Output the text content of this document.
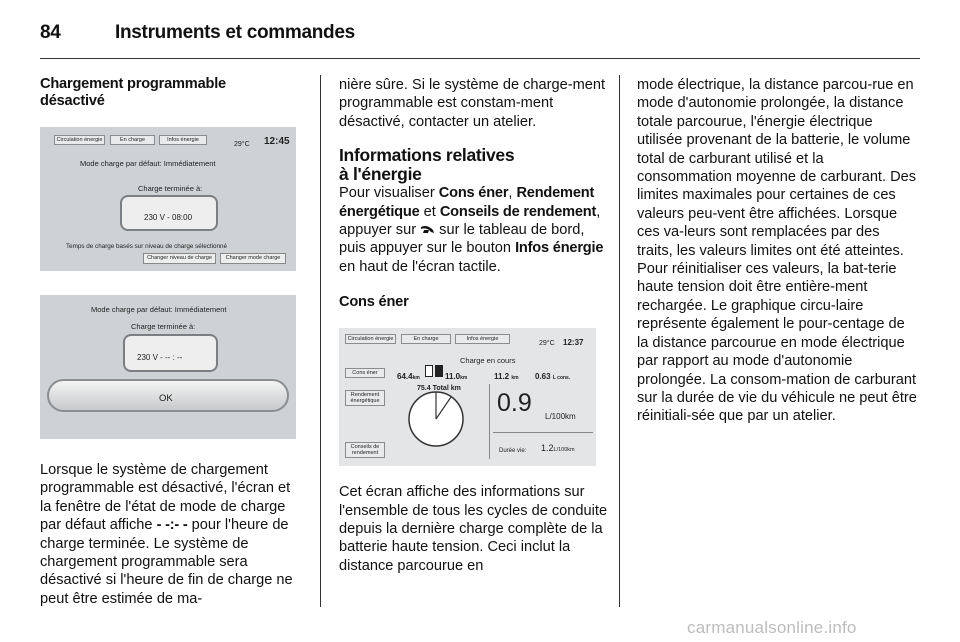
84	Instruments et commandes
Chargement programmable désactivé
Circulation énergie	En charge	Infos énergie
29°C 12:45
Mode charge par défaut: Immédiatement
Charge terminée à:
230 V - 08:00
Temps de charge basés sur niveau de charge sélectionné
Changer niveau de charge	Changer mode charge
Mode charge par défaut: Immédiatement
Charge terminée à:
230 V - -- : --
OK

Lorsque le système de chargement programmable est désactivé, l'écran et la fenêtre de l'état de mode de charge par défaut affiche - -:- - pour l'heure de charge terminée. Le système de chargement programmable sera désactivé si l'heure de fin de charge ne peut être estimée de ma-

nière sûre. Si le système de charge-ment programmable est constam-ment désactivé, contacter un atelier.

Informations relatives
à l'énergie

Pour visualiser Cons éner, Rendement énergétique et Conseils de rendement, appuyer sur  sur le tableau de bord, puis appuyer sur le bouton Infos énergie en haut de l'écran tactile.

Cons éner
Circulation énergie	En charge	Infos énergie
29°C 12:37
Charge en cours
Cons éner
Rendement énergétique
Conseils de rendement
64.4km	11.0km	11.2 km 0.63 L cons.
75.4 Total km
0.9 L/100km
Durée vie: 1.2L/100km

Cet écran affiche des informations sur l'ensemble de tous les cycles de conduite depuis la dernière charge complète de la batterie haute tension. Ceci inclut la distance parcourue en

mode électrique, la distance parcou-rue en mode d'autonomie prolongée, la distance totale parcourue, l'énergie électrique utilisée provenant de la batterie, le volume total de carburant utilisé et la consommation moyenne de carburant. Des limites maximales pour certaines de ces valeurs peu-vent être affichées. Lorsque ces va-leurs sont remplacées par des traits, les valeurs limites ont été atteintes. Pour réinitialiser ces valeurs, la bat-terie haute tension doit être entière-ment rechargée. Le graphique circu-laire représente également le pour-centage de la distance parcourue en mode électrique par rapport au mode d'autonomie prolongée. La consom-mation de carburant sur la durée de vie du véhicule ne peut être réinitiali-sée que par un atelier.

carmanualsonline.info
